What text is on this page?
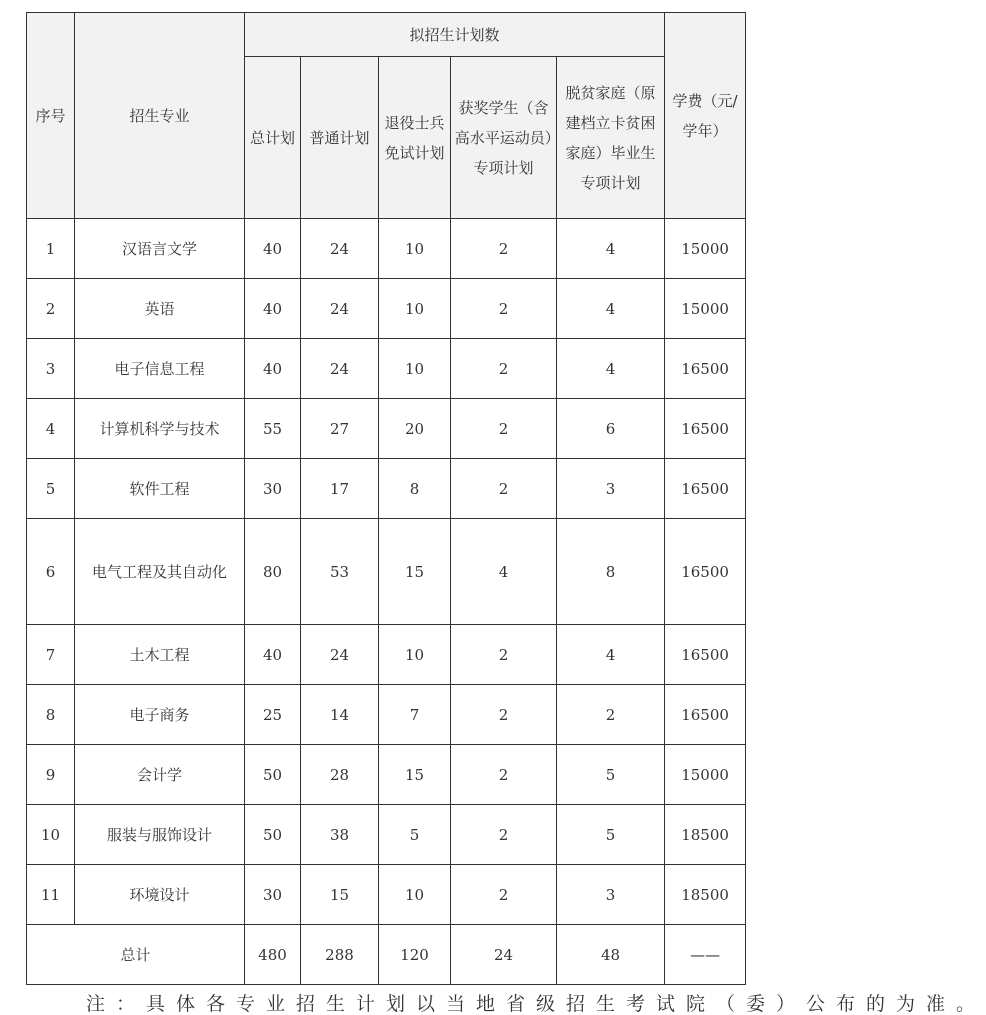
序号	招生专业	拟招生计划数					学费（元/学年）
		总计划	普通计划	退役士兵免试计划	获奖学生（含高水平运动员）专项计划	脱贫家庭（原建档立卡贫困家庭）毕业生专项计划	
1	汉语言文学	40	24	10	2	4	15000
2	英语	40	24	10	2	4	15000
3	电子信息工程	40	24	10	2	4	16500
4	计算机科学与技术	55	27	20	2	6	16500
5	软件工程	30	17	8	2	3	16500
6	电气工程及其自动化	80	53	15	4	8	16500
7	土木工程	40	24	10	2	4	16500
8	电子商务	25	14	7	2	2	16500
9	会计学	50	28	15	2	5	15000
10	服装与服饰设计	50	38	5	2	5	18500
11	环境设计	30	15	10	2	3	18500
总计		480	288	120	24	48	——
注：具体各专业招生计划以当地省级招生考试院（委）公布的为准。
